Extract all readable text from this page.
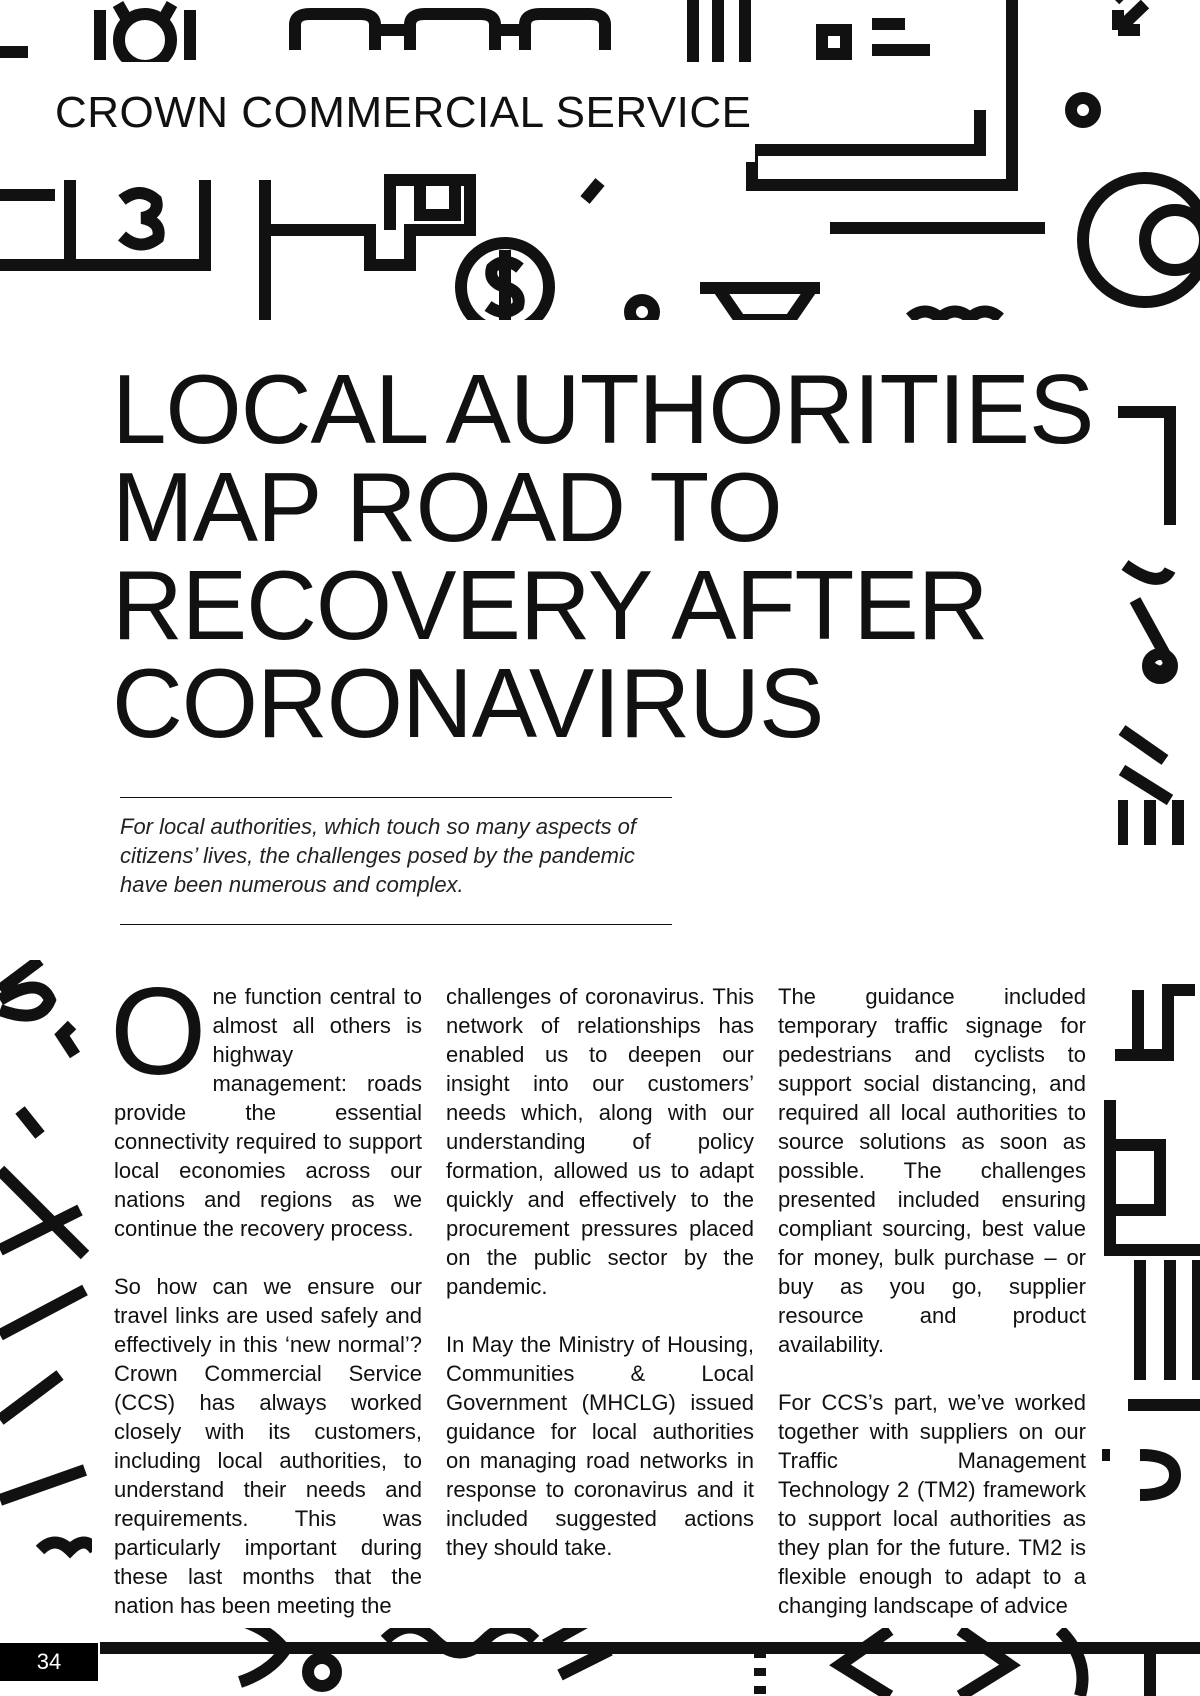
CROWN COMMERCIAL SERVICE
LOCAL AUTHORITIES
MAP ROAD TO
RECOVERY AFTER
CORONAVIRUS

For local authorities, which touch so many aspects of citizens’ lives, the challenges posed by the pandemic have been numerous and complex.

One function central to almost all others is highway management: roads provide the essential connectivity required to support local economies across our nations and regions as we continue the recovery process.

So how can we ensure our travel links are used safely and effectively in this ‘new normal’? Crown Commercial Service (CCS) has always worked closely with its customers, including local authorities, to understand their needs and requirements. This was particularly important during these last months that the nation has been meeting the

challenges of coronavirus. This network of relationships has enabled us to deepen our insight into our customers’ needs which, along with our understanding of policy formation, allowed us to adapt quickly and effectively to the procurement pressures placed on the public sector by the pandemic.

In May the Ministry of Housing, Communities & Local Government (MHCLG) issued guidance for local authorities on managing road networks in response to coronavirus and it included suggested actions they should take.

The guidance included temporary traffic signage for pedestrians and cyclists to support social distancing, and required all local authorities to source solutions as soon as possible. The challenges presented included ensuring compliant sourcing, best value for money, bulk purchase – or buy as you go, supplier resource and product availability.

For CCS’s part, we’ve worked together with suppliers on our Traffic Management Technology 2 (TM2) framework to support local authorities as they plan for the future. TM2 is flexible enough to adapt to a changing landscape of advice

34
